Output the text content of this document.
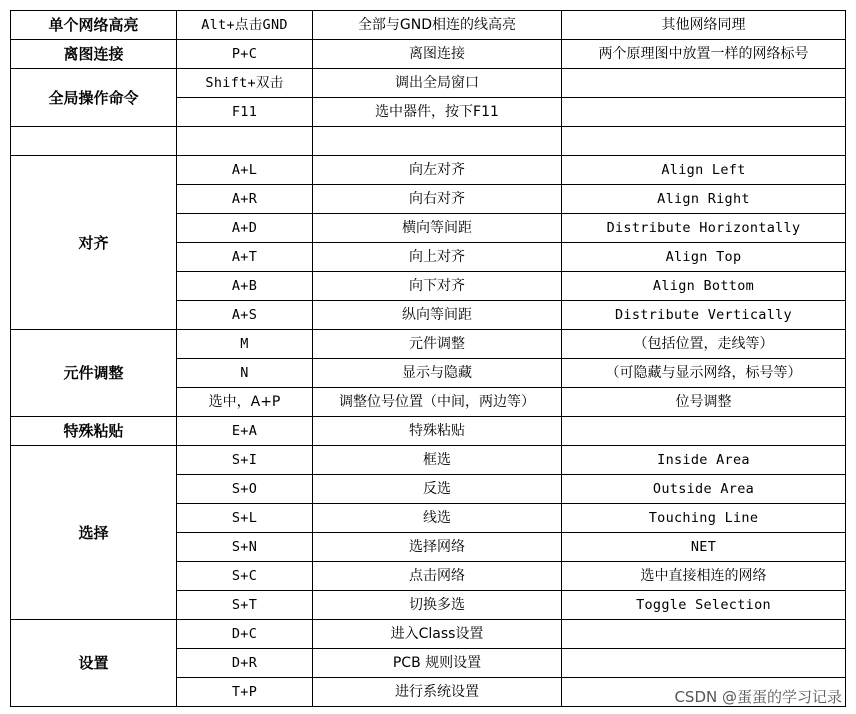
单个网络高亮	Alt+点击GND	全部与GND相连的线高亮	其他网络同理
离图连接	P+C	离图连接	两个原理图中放置一样的网络标号
全局操作命令	Shift+双击	调出全局窗口	
	F11	选中器件，按下F11	

对齐	A+L	向左对齐	Align Left
	A+R	向右对齐	Align Right
	A+D	横向等间距	Distribute Horizontally
	A+T	向上对齐	Align Top
	A+B	向下对齐	Align Bottom
	A+S	纵向等间距	Distribute Vertically
元件调整	M	元件调整	（包括位置，走线等）
	N	显示与隐藏	（可隐藏与显示网络，标号等）
	选中，A+P	调整位号位置（中间，两边等）	位号调整
特殊粘贴	E+A	特殊粘贴	
选择	S+I	框选	Inside Area
	S+O	反选	Outside Area
	S+L	线选	Touching Line
	S+N	选择网络	NET
	S+C	点击网络	选中直接相连的网络
	S+T	切换多选	Toggle Selection
设置	D+C	进入Class设置	
	D+R	PCB 规则设置	
	T+P	进行系统设置		CSDN @蛋蛋的学习记录
